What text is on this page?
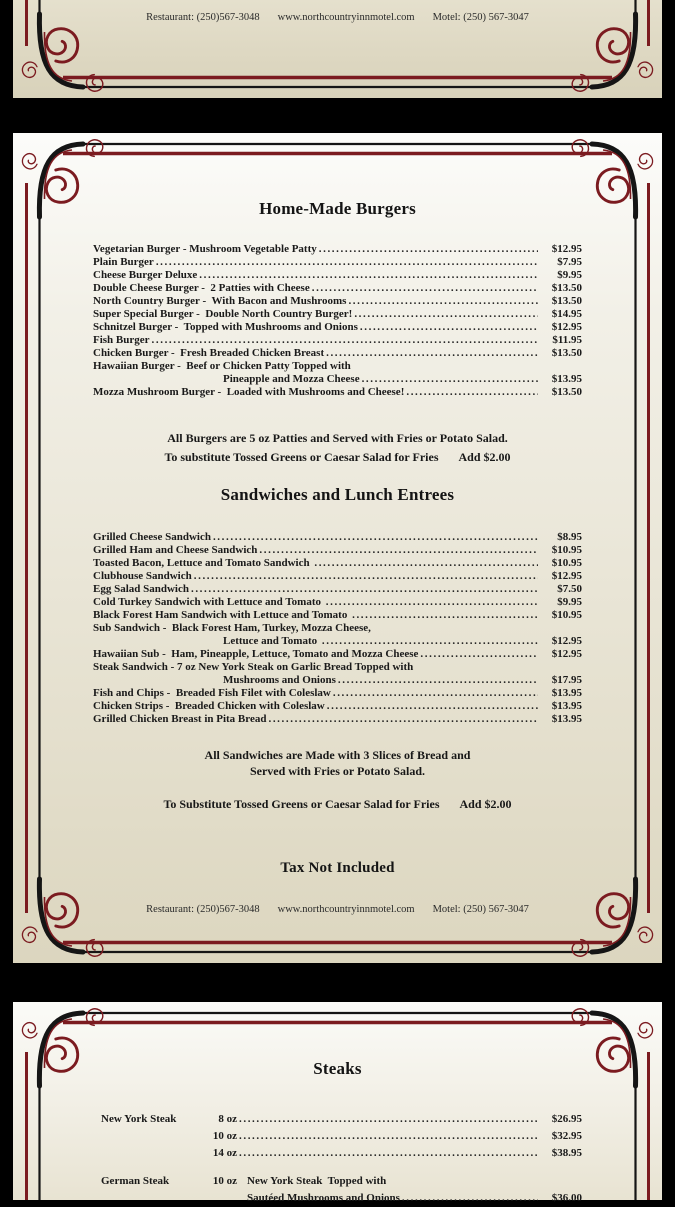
Restaurant: (250)567-3048 www.northcountryinnmotel.com Motel: (250) 567-3047
Home-Made Burgers
Vegetarian Burger - Mushroom Vegetable Patty .....	$12.95
Plain Burger .....	$7.95
Cheese Burger Deluxe .....	$9.95
Double Cheese Burger -  2 Patties with Cheese .....	$13.50
North Country Burger -  With Bacon and Mushrooms .....	$13.50
Super Special Burger -  Double North Country Burger! .....	$14.95
Schnitzel Burger -  Topped with Mushrooms and Onions .....	$12.95
Fish Burger .....	$11.95
Chicken Burger -  Fresh Breaded Chicken Breast .....	$13.50
Hawaiian Burger -  Beef or Chicken Patty Topped with
Pineapple and Mozza Cheese .....	$13.95
Mozza Mushroom Burger -  Loaded with Mushrooms and Cheese! .....	$13.50
All Burgers are 5 oz Patties and Served with Fries or Potato Salad.
To substitute Tossed Greens or Caesar Salad for Fries Add $2.00
Sandwiches and Lunch Entrees
Grilled Cheese Sandwich .....	$8.95
Grilled Ham and Cheese Sandwich .....	$10.95
Toasted Bacon, Lettuce and Tomato Sandwich .....	$10.95
Clubhouse Sandwich .....	$12.95
Egg Salad Sandwich .....	$7.50
Cold Turkey Sandwich with Lettuce and Tomato .....	$9.95
Black Forest Ham Sandwich with Lettuce and Tomato .....	$10.95
Sub Sandwich -  Black Forest Ham, Turkey, Mozza Cheese,
Lettuce and Tomato .....	$12.95
Hawaiian Sub -  Ham, Pineapple, Lettuce, Tomato and Mozza Cheese .....	$12.95
Steak Sandwich - 7 oz New York Steak on Garlic Bread Topped with
Mushrooms and Onions .....	$17.95
Fish and Chips -  Breaded Fish Filet with Coleslaw .....	$13.95
Chicken Strips -  Breaded Chicken with Coleslaw .....	$13.95
Grilled Chicken Breast in Pita Bread .....	$13.95
All Sandwiches are Made with 3 Slices of Bread and
Served with Fries or Potato Salad.
To Substitute Tossed Greens or Caesar Salad for Fries Add $2.00
Tax Not Included
Restaurant: (250)567-3048 www.northcountryinnmotel.com Motel: (250) 567-3047
Steaks
New York Steak	8 oz .....	$26.95
10 oz .....	$32.95
14 oz .....	$38.95
German Steak	10 oz New York Steak  Topped with
Sautéed Mushrooms and Onions .....	$36.00
